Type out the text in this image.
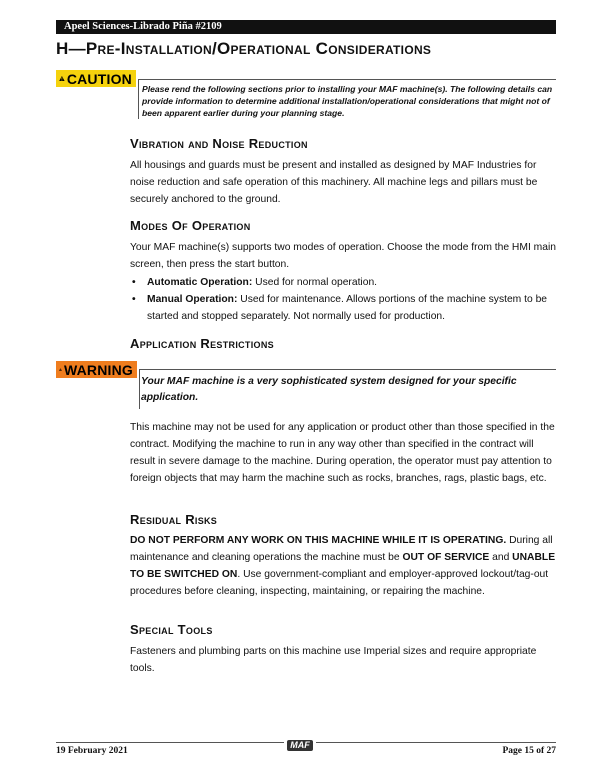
Apeel Sciences-Librado Piña #2109
H—Pre-Installation/Operational Considerations
CAUTION

Please rend the following sections prior to installing your MAF machine(s). The following details can provide information to determine additional installation/operational considerations that might not of been apparent earlier during your planning stage.

Vibration and Noise Reduction

All housings and guards must be present and installed as designed by MAF Industries for noise reduction and safe operation of this machinery. All machine legs and pillars must be securely anchored to the ground.

Modes Of Operation

Your MAF machine(s) supports two modes of operation. Choose the mode from the HMI main screen, then press the start button.

• Automatic Operation: Used for normal operation.
• Manual Operation: Used for maintenance. Allows portions of the machine system to be started and stopped separately. Not normally used for production.
Application Restrictions
WARNING

Your MAF machine is a very sophisticated system designed for your specific application.

This machine may not be used for any application or product other than those specified in the contract. Modifying the machine to run in any way other than specified in the contract will result in severe damage to the machine. During operation, the operator must pay attention to foreign objects that may harm the machine such as rocks, branches, rags, plastic bags, etc.

Residual Risks

DO NOT PERFORM ANY WORK ON THIS MACHINE WHILE IT IS OPERATING. During all maintenance and cleaning operations the machine must be OUT OF SERVICE and UNABLE TO BE SWITCHED ON. Use government-compliant and employer-approved lockout/tag-out procedures before cleaning, inspecting, maintaining, or repairing the machine.

Special Tools

Fasteners and plumbing parts on this machine use Imperial sizes and require appropriate tools.

19 February 2021
MAF
Page 15 of 27
